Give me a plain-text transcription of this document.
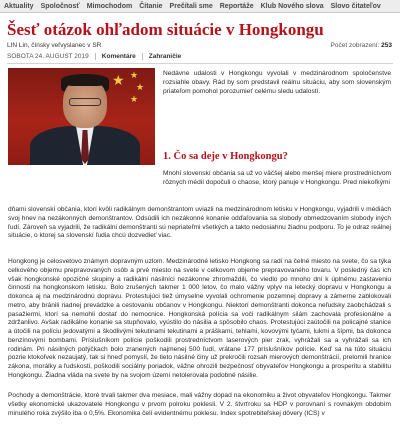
Aktuality Spoločnosť Mimochodom Čítanie Prečítali sme Reportáže Klub Nového slova Slovo čitateľov
Šesť otázok ohľadom situácie v Hongkongu
LIN Lin, čínsky veľvyslanec v SR	Počet zobrazení: 253
SOBOTA 24. AUGUST 2019 Komentáre Zahraničie
★ ★
★
★

Nedávne udalosti v Hongkongu vyvolali v medzinárodnom spoločenstve rozsiahle obavy. Rád by som predstavil reálnu situáciu, aby som slovenským priateľom pomohol porozumieť celému sledu udalostí.

1. Čo sa deje v Hongkongu?

Mnohí slovenskí občania sa už vo väčšej alebo menšej miere prostredníctvom rôznych médií dopočuli o chaose, ktorý panuje v Hongkongu. Pred niekoľkými

dňami slovenskí občania, ktorí kvôli radikálnym demonštrantom uviazli na medzinárodnom letisku v Hongkongu, vyjadrili v médiách svoj hnev na nezákonných demonštrantov. Odsúdili ich nezákonné konanie odďaľovania sa slobody obmedzovaním slobody iných ľudí. Zároveň sa vyjadrili, že radikálni demonštranti sú nepriateľmi všetkých a takto nedosiahnu žiadnu podporu. To je odraz reálnej situácie, o ktorej sa slovenskí ľudia chcú dozvedieť viac.

Hongkong je celosvetovo známym dopravným uzlom. Medzinárodné letisko Hongkong sa radí na čelné miesto na svete, čo sa týka celkového objemu prepravovaných osôb a prvé miesto na svete v celkovom objeme prepravovaného tovaru. V posledný čas ich však hongkonské opozičné skupiny a radikálni násilníci nezákonne zhromaždili, čo viedlo po mnoho dní k úplnému zastaveniu činnosti na hongkonskom letisku. Bolo zrušených takmer 1 000 letov, čo malo vážny vplyv na letecký dopravu v Hongkongu a dokonca aj na medzinárodnú dopravu. Protestujúci tiež úmyselne vyvolali ochromenie pozemnej dopravy a zámerne zablokovali metro, aby bránili riadnej prevádzke a cestovaniu občanov v Hongkongu. Niektorí demonštranti dokonca neľudsky zaobchádzali s pasažiermi, ktorí sa nemohli dostať do nemocnice. Hongkonská polícia sa voči radikálnym silám zachovala profesionálne a zdržanlivo. Avšak radikálne konanie sa stupňovalo, vyústilo do násilia a spôsobilo chaos. Protestujúci zaútočili na policajné stanice a útočili na políciu jedovatými a škodlivými tekutinami tekutinami a práškami, tehlami, kovovými tyčami, lukmi a šípmi, ba dokonca benzínovými bombami. Príslušníkom polície poškodili prostredníctvom laserových pier zrak, vyhrážali sa a vyhrážali sa ich rodinám. Pri násilných potýčkach bolo zranených najmenej 500 ľudí, vrátane 177 príslušníkov polície. Keď sa na túto situáciu pozrie ktokoľvek nezaujatý, tak si hneď pomyslí, že tieto násilné činy už prekročili rozsah mierových demonštrácií, prelomili hranice zákona, morálky a ľudskosti, poškodili sociálny poriadok, vážne ohrozili bezpečnosť obyvateľov Hongkongu a prosperitu a stabilitu Hongkongu. Žiadna vláda na svete by na svojom území netolerovala podobné násilie.

Pochody a demonštrácie, ktoré trvali takmer dva mesiace, mali vážny dopad na ekonomiku a život obyvateľov Hongkongu. Takmer všetky ekonomické ukazovatele Hongkongu v prvom polroku poklesli. V 2. štvrťroku sa HDP v porovnaní s rovnakým obdobím minulého roka zvýšilo iba o 0,5%. Ekonomika čelí evidentnému poklesu. Index spotrebiteľskej dôvery (ICS) v
